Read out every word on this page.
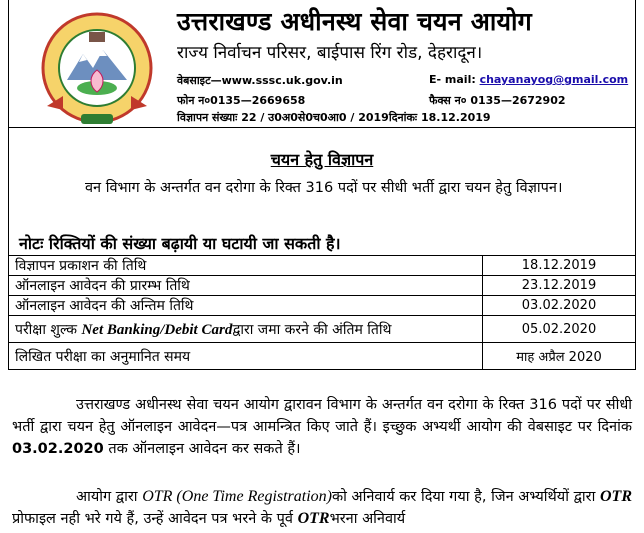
उत्तराखण्ड अधीनस्थ सेवा चयन आयोग
राज्य निर्वाचन परिसर, बाईपास रिंग रोड, देहरादून।
वेबसाइट—www.sssc.uk.gov.in	E- mail: chayanayog@gmail.com
फोन न०0135—2669658	फैक्स न० 0135—2672902
विज्ञापन संख्याः 22 / उ0अ0से0च0आ0 / 2019दिनांकः 18.12.2019
चयन हेतु विज्ञापन
वन विभाग के अन्तर्गत वन दरोगा के रिक्त 316 पदों पर सीधी भर्ती द्वारा चयन हेतु विज्ञापन।
नोटः रिक्तियों की संख्या बढ़ायी या घटायी जा सकती है।
विज्ञापन प्रकाशन की तिथि	18.12.2019
ऑनलाइन आवेदन की प्रारम्भ तिथि	23.12.2019
ऑनलाइन आवेदन की अन्तिम तिथि	03.02.2020
परीक्षा शुल्क Net Banking/Debit Cardद्वारा जमा करने की अंतिम तिथि	05.02.2020
लिखित परीक्षा का अनुमानित समय	माह अप्रैल 2020
उत्तराखण्ड अधीनस्थ सेवा चयन आयोग द्वारावन विभाग के अन्तर्गत वन दरोगा के रिक्त 316 पदों पर सीधी भर्ती द्वारा चयन हेतु ऑनलाइन आवेदन—पत्र आमन्त्रित किए जाते हैं। इच्छुक अभ्यर्थी आयोग की वेबसाइट पर दिनांक 03.02.2020 तक ऑनलाइन आवेदन कर सकते हैं।
आयोग द्वारा OTR (One Time Registration)को अनिवार्य कर दिया गया है, जिन अभ्यर्थियों द्वारा OTR प्रोफाइल नही भरे गये हैं, उन्हें आवेदन पत्र भरने के पूर्व OTRभरना अनिवार्य
